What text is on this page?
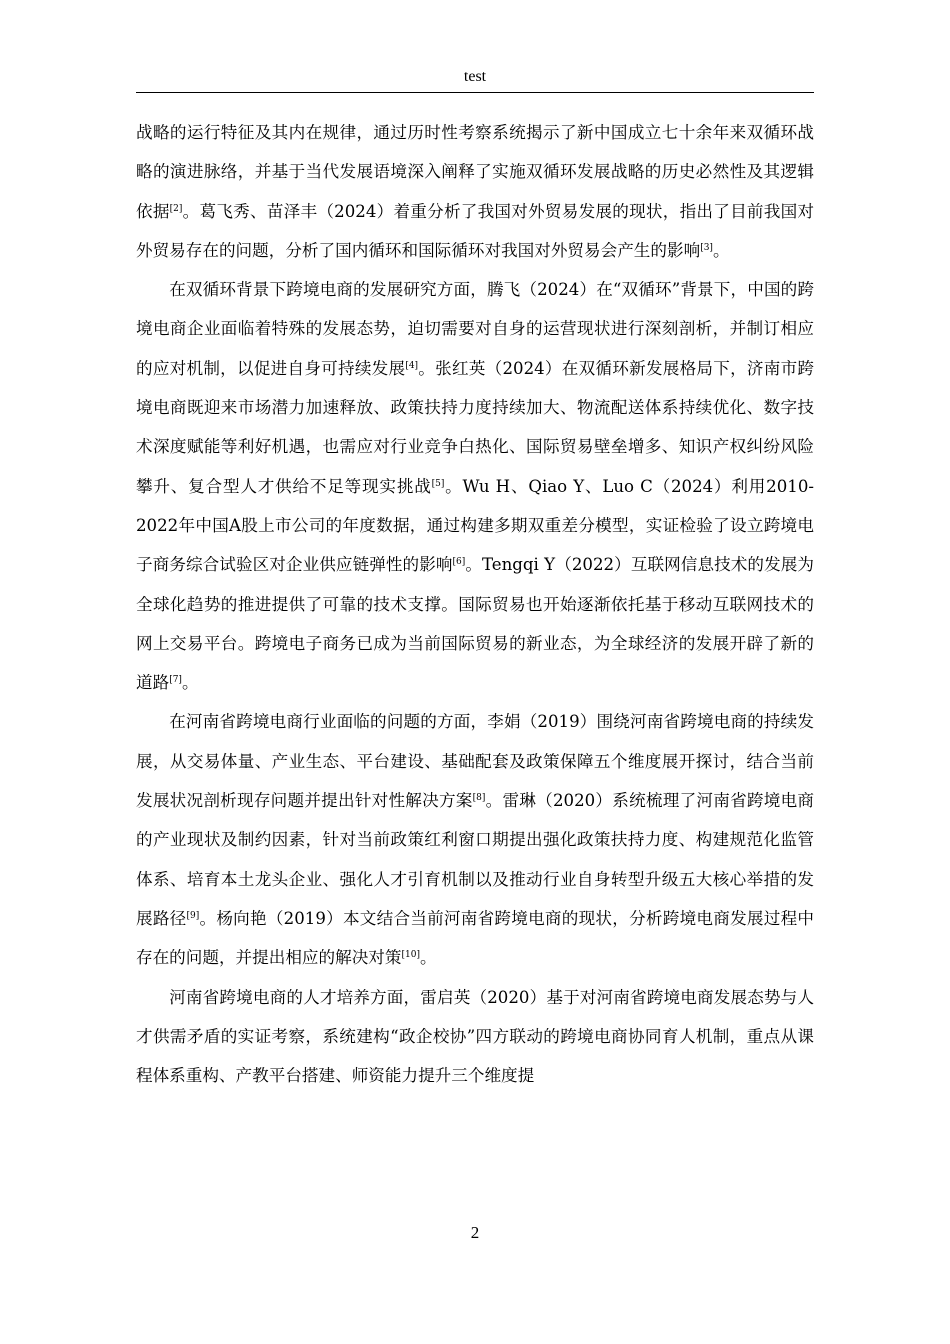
test

战略的运行特征及其内在规律，通过历时性考察系统揭示了新中国成立七十余年来双循环战略的演进脉络，并基于当代发展语境深入阐释了实施双循环发展战略的历史必然性及其逻辑依据[2]。葛飞秀、苗泽丰（2024）着重分析了我国对外贸易发展的现状，指出了目前我国对外贸易存在的问题，分析了国内循环和国际循环对我国对外贸易会产生的影响[3]。

在双循环背景下跨境电商的发展研究方面，腾飞（2024）在“双循环”背景下，中国的跨境电商企业面临着特殊的发展态势，迫切需要对自身的运营现状进行深刻剖析，并制订相应的应对机制，以促进自身可持续发展[4]。张红英（2024）在双循环新发展格局下，济南市跨境电商既迎来市场潜力加速释放、政策扶持力度持续加大、物流配送体系持续优化、数字技术深度赋能等利好机遇，也需应对行业竞争白热化、国际贸易壁垒增多、知识产权纠纷风险攀升、复合型人才供给不足等现实挑战[5]。Wu H、Qiao Y、Luo C（2024）利用2010-2022年中国A股上市公司的年度数据，通过构建多期双重差分模型，实证检验了设立跨境电子商务综合试验区对企业供应链弹性的影响[6]。Tengqi Y（2022）互联网信息技术的发展为全球化趋势的推进提供了可靠的技术支撑。国际贸易也开始逐渐依托基于移动互联网技术的网上交易平台。跨境电子商务已成为当前国际贸易的新业态，为全球经济的发展开辟了新的道路[7]。

在河南省跨境电商行业面临的问题的方面，李娟（2019）围绕河南省跨境电商的持续发展，从交易体量、产业生态、平台建设、基础配套及政策保障五个维度展开探讨，结合当前发展状况剖析现存问题并提出针对性解决方案[8]。雷琳（2020）系统梳理了河南省跨境电商的产业现状及制约因素，针对当前政策红利窗口期提出强化政策扶持力度、构建规范化监管体系、培育本土龙头企业、强化人才引育机制以及推动行业自身转型升级五大核心举措的发展路径[9]。杨向艳（2019）本文结合当前河南省跨境电商的现状，分析跨境电商发展过程中存在的问题，并提出相应的解决对策[10]。

河南省跨境电商的人才培养方面，雷启英（2020）基于对河南省跨境电商发展态势与人才供需矛盾的实证考察，系统建构“政企校协”四方联动的跨境电商协同育人机制，重点从课程体系重构、产教平台搭建、师资能力提升三个维度提

2
